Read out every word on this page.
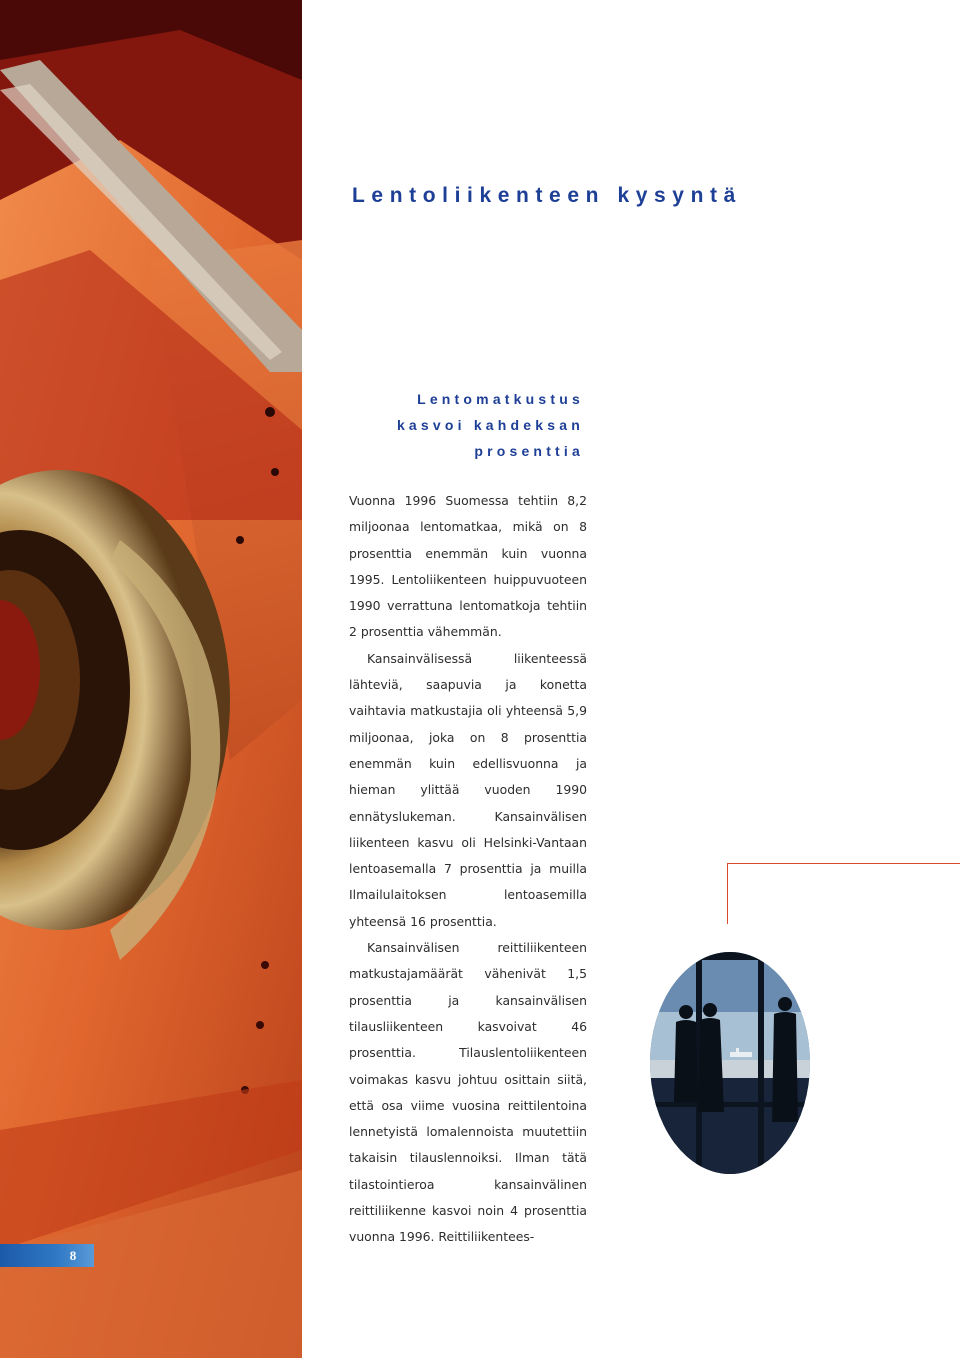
8
Lentoliikenteen kysyntä
Lentomatkustus
kasvoi kahdeksan
prosenttia

Vuonna 1996 Suomessa tehtiin 8,2 miljoonaa lentomatkaa, mikä on 8 prosenttia enemmän kuin vuonna 1995. Lentoliikenteen huippuvuoteen 1990 verrattuna lentomatkoja tehtiin 2 prosenttia vähemmän.

Kansainvälisessä liikenteessä lähteviä, saapuvia ja konetta vaihtavia matkustajia oli yhteensä 5,9 miljoonaa, joka on 8 prosenttia enemmän kuin edellisvuonna ja hieman ylittää vuoden 1990 ennätyslukeman. Kansainvälisen liikenteen kasvu oli Helsinki-Vantaan lentoasemalla 7 prosenttia ja muilla Ilmailulaitoksen lentoasemilla yhteensä 16 prosenttia.

Kansainvälisen reittiliikenteen matkustajamäärät vähenivät 1,5 prosenttia ja kansainvälisen tilausliikenteen kasvoivat 46 prosenttia. Tilauslentoliikenteen voimakas kasvu johtuu osittain siitä, että osa viime vuosina reittilentoina lennetyistä lomalennoista muutettiin takaisin tilauslennoiksi. Ilman tätä tilastointieroa kansainvälinen reittiliikenne kasvoi noin 4 prosenttia vuonna 1996. Reittiliikentees-
